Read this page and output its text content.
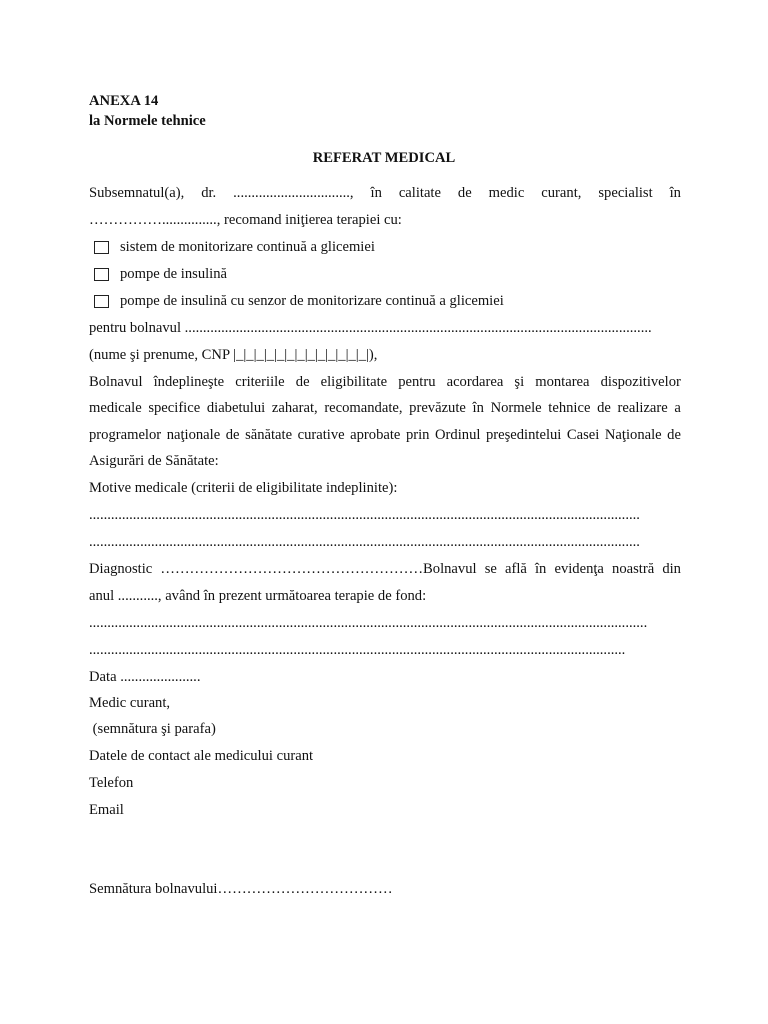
ANEXA 14

la Normele tehnice

REFERAT MEDICAL

Subsemnatul(a), dr. ................................, în calitate de medic curant, specialist în

……………..............., recomand iniţierea terapiei cu:

sistem de monitorizare continuă a glicemiei
pompe de insulină
pompe de insulină cu senzor de monitorizare continuă a glicemiei

pentru bolnavul ................................................................................................................................

(nume şi prenume, CNP |_|_|_|_|_|_|_|_|_|_|_|_|_|),

Bolnavul îndeplineşte criteriile de eligibilitate pentru acordarea şi montarea dispozitivelor
medicale specifice diabetului zaharat, recomandate, prevăzute în Normele tehnice de realizare a
programelor naţionale de sănătate curative aprobate prin Ordinul preşedintelui Casei Naţionale de

Asigurări de Sănătate:

Motive medicale (criterii de eligibilitate indeplinite):

.......................................................................................................................................................

.......................................................................................................................................................

Diagnostic ………………………………………………Bolnavul se află în evidenţa noastră din

anul ..........., având în prezent următoarea terapie de fond:

.........................................................................................................................................................

...................................................................................................................................................

Data ......................

Medic curant,

(semnătura şi parafa)

Datele de contact ale medicului curant

Telefon

Email

Semnătura bolnavului………………………………
